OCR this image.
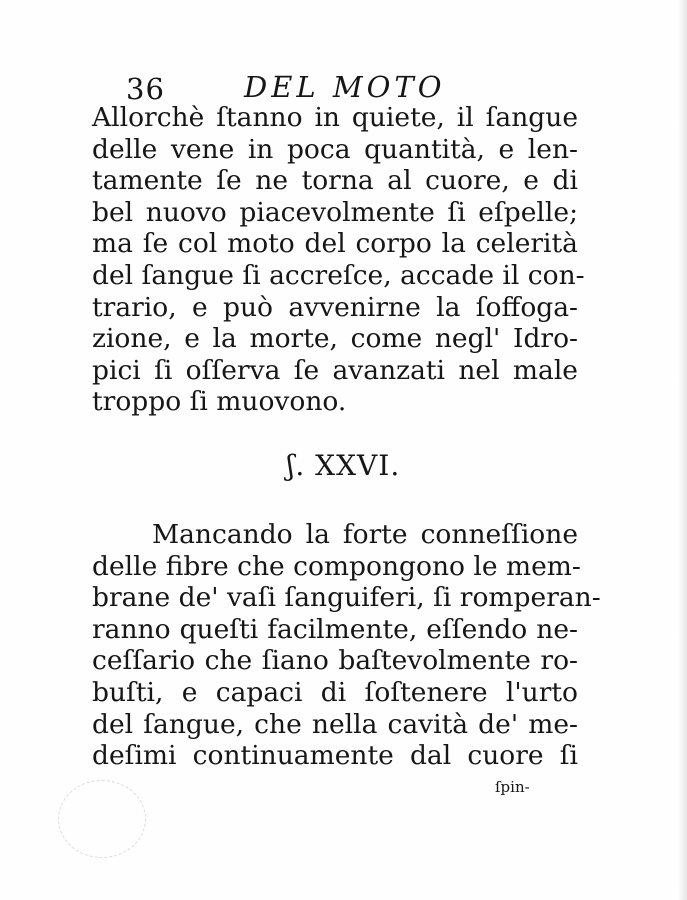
36	DEL MOTO
Allorchè ſtanno in quiete, il ſangue
delle vene in poca quantità, e len-
tamente ſe ne torna al cuore, e di
bel nuovo piacevolmente ſi eſpelle;
ma ſe col moto del corpo la celerità
del ſangue ſi accreſce, accade il con-
trario, e può avvenirne la ſoffoga-
zione, e la morte, come negl' Idro-
pici ſi oſſerva ſe avanzati nel male
troppo ſi muovono.
ʃ. XXVI.
Mancando la forte conneſſione
delle fibre che compongono le mem-
brane de' vaſi ſanguiferi, ſi romperan-
ranno queſti facilmente, eſſendo ne-
ceſſario che ſiano baſtevolmente ro-
buſti, e capaci di ſoſtenere l'urto
del ſangue, che nella cavità de' me-
deſimi continuamente dal cuore ſi
ſpin-
